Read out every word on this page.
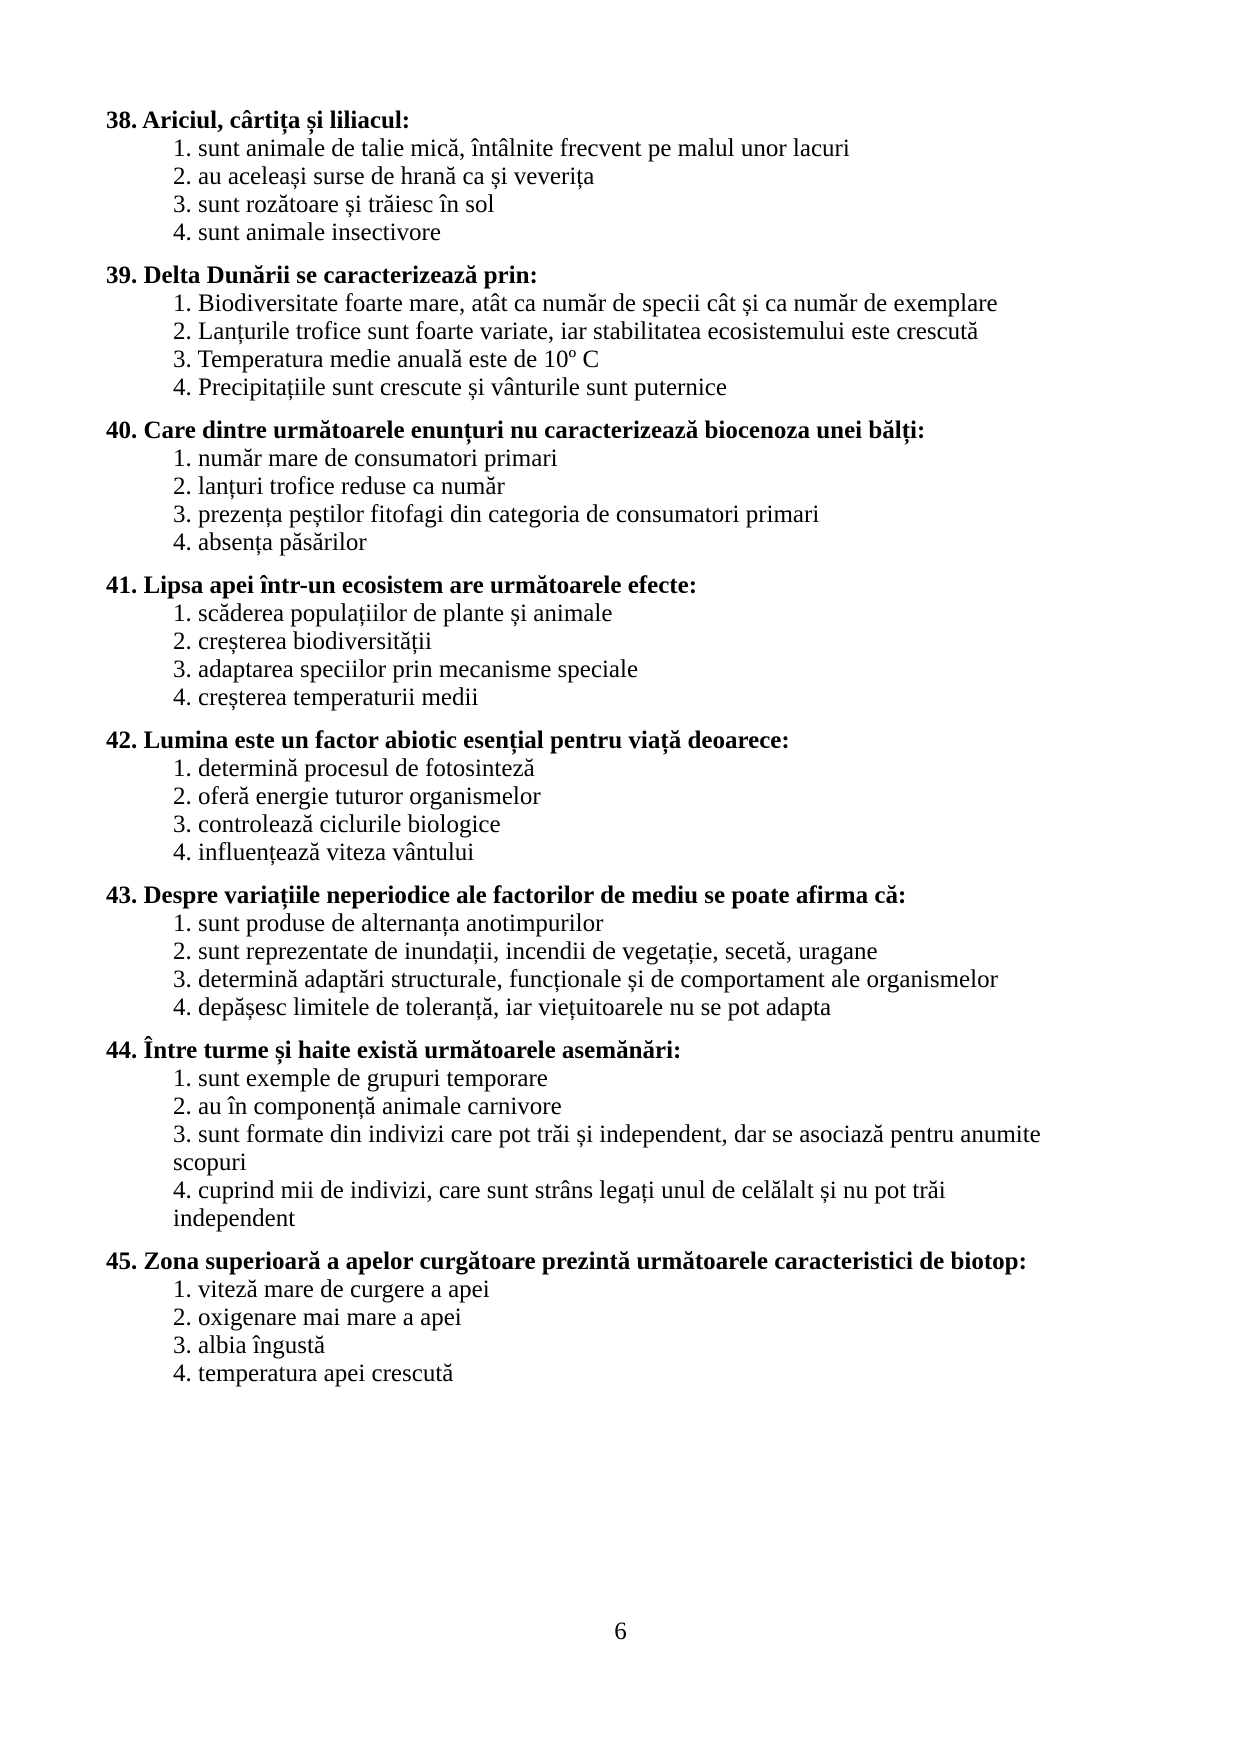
38. Ariciul, cârtița și liliacul:

1. sunt animale de talie mică, întâlnite frecvent pe malul unor lacuri
2. au aceleași surse de hrană ca și veverița
3. sunt rozătoare și trăiesc în sol
4. sunt animale insectivore

39. Delta Dunării se caracterizează prin:

1. Biodiversitate foarte mare, atât ca număr de specii cât și ca număr de exemplare
2. Lanțurile trofice sunt foarte variate, iar stabilitatea ecosistemului este crescută
3. Temperatura medie anuală este de 10º C
4. Precipitațiile sunt crescute și vânturile sunt puternice

40. Care dintre următoarele enunțuri nu caracterizează biocenoza unei bălți:

1. număr mare de consumatori primari
2. lanțuri trofice reduse ca număr
3. prezența peștilor fitofagi din categoria de consumatori primari
4. absența păsărilor

41. Lipsa apei într-un ecosistem are următoarele efecte:

1. scăderea populațiilor de plante și animale
2. creșterea biodiversității
3. adaptarea speciilor prin mecanisme speciale
4. creșterea temperaturii medii

42. Lumina este un factor abiotic esențial pentru viață deoarece:

1. determină procesul de fotosinteză
2. oferă energie tuturor organismelor
3. controlează ciclurile biologice
4. influențează viteza vântului

43. Despre variațiile neperiodice ale factorilor de mediu se poate afirma că:

1. sunt produse de alternanța anotimpurilor
2. sunt reprezentate de inundații, incendii de vegetație, secetă, uragane
3. determină adaptări structurale, funcționale și de comportament ale organismelor
4. depășesc limitele de toleranță, iar viețuitoarele nu se pot adapta

44. Între turme și haite există următoarele asemănări:

1. sunt exemple de grupuri temporare
2. au în componență animale carnivore
3. sunt formate din indivizi care pot trăi și independent, dar se asociază pentru anumite scopuri
4. cuprind mii de indivizi, care sunt strâns legați unul de celălalt și nu pot trăi independent

45. Zona superioară a apelor curgătoare prezintă următoarele caracteristici de biotop:

1. viteză mare de curgere a apei
2. oxigenare mai mare a apei
3. albia îngustă
4. temperatura apei crescută
6
